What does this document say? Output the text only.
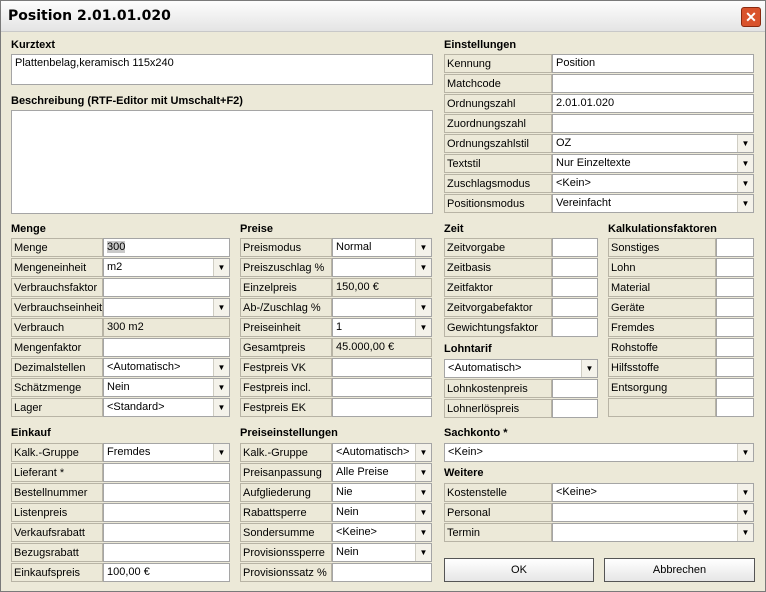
Position 2.01.01.020	✕
Kurztext
Plattenbelag,keramisch 115x240
Beschreibung (RTF-Editor mit Umschalt+F2)
Einstellungen
Kennung	Position
Matchcode
Ordnungszahl	2.01.01.020
Zuordnungszahl
Ordnungszahlstil	OZ	▼
Textstil	Nur Einzeltexte	▼
Zuschlagsmodus	<Kein>	▼
Positionsmodus	Vereinfacht	▼
Menge
Menge	300
Mengeneinheit	m2	▼
Verbrauchsfaktor
Verbrauchseinheit	▼
Verbrauch	300 m2
Mengenfaktor
Dezimalstellen	<Automatisch>	▼
Schätzmenge	Nein	▼
Lager	<Standard>	▼
Preise
Preismodus	Normal	▼
Preiszuschlag %	▼
Einzelpreis	150,00 €
Ab-/Zuschlag %	▼
Preiseinheit	1	▼
Gesamtpreis	45.000,00 €
Festpreis VK
Festpreis incl.
Festpreis EK
Zeit
Zeitvorgabe
Zeitbasis
Zeitfaktor
Zeitvorgabefaktor
Gewichtungsfaktor
Lohntarif
<Automatisch>	▼
Lohnkostenpreis
Lohnerlöspreis
Kalkulationsfaktoren
Sonstiges
Lohn
Material
Geräte
Fremdes
Rohstoffe
Hilfsstoffe
Entsorgung
Einkauf
Kalk.-Gruppe	Fremdes	▼
Lieferant *
Bestellnummer
Listenpreis
Verkaufsrabatt
Bezugsrabatt
Einkaufspreis	100,00 €
Preiseinstellungen
Kalk.-Gruppe	<Automatisch>	▼
Preisanpassung	Alle Preise	▼
Aufgliederung	Nie	▼
Rabattsperre	Nein	▼
Sondersumme	<Keine>	▼
Provisionssperre	Nein	▼
Provisionssatz %
Sachkonto *
<Kein>	▼
Weitere
Kostenstelle	<Keine>	▼
Personal	▼
Termin	▼
OK	Abbrechen
